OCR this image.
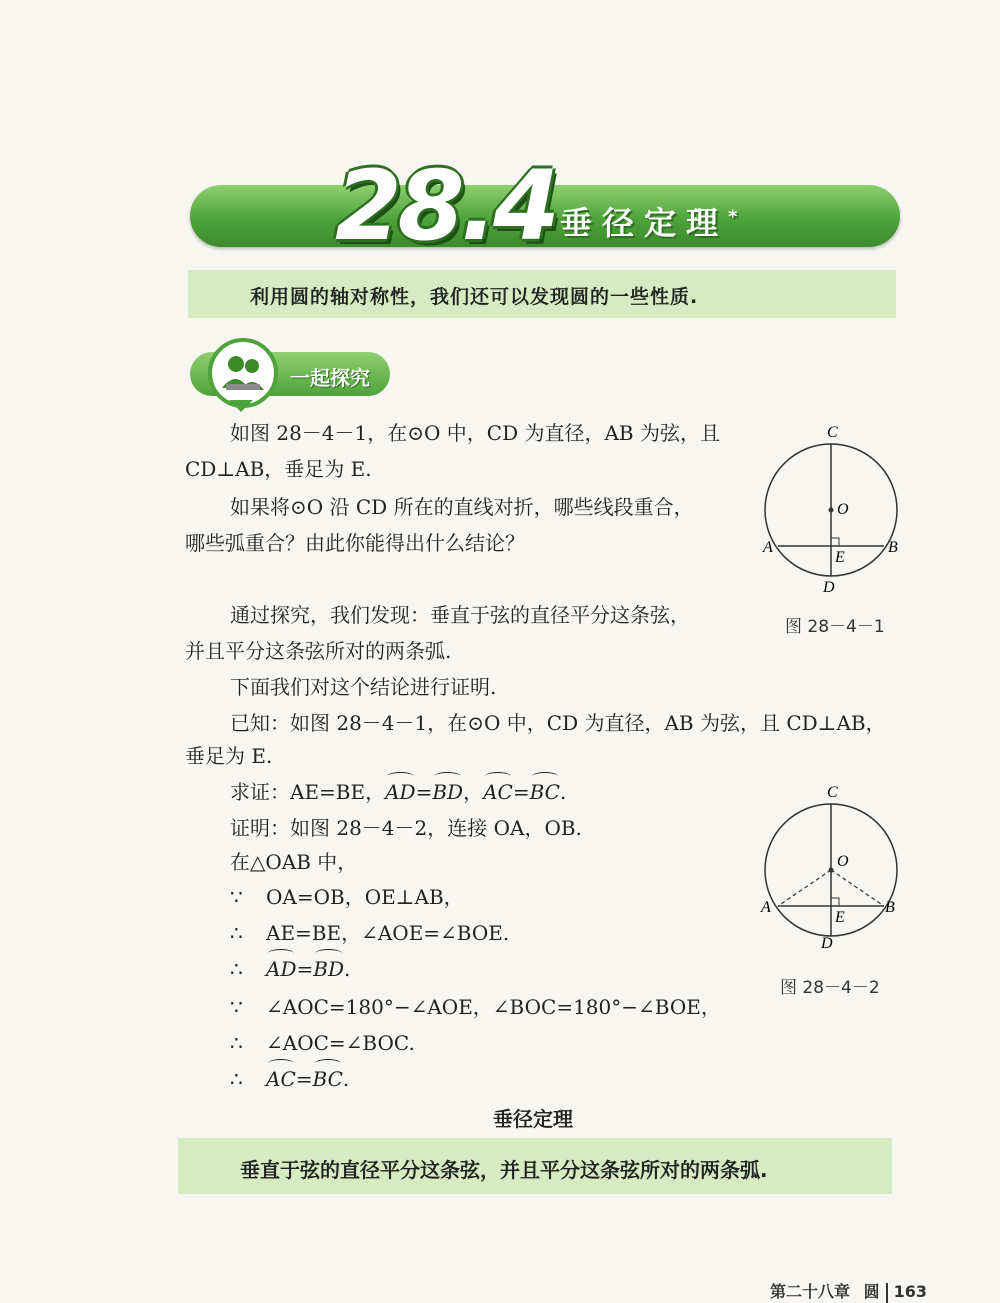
28.4 垂径定理*
利用圆的轴对称性，我们还可以发现圆的一些性质.
一起探究
如图 28－4－1，在⊙O 中，CD 为直径，AB 为弦，且
CD⊥AB，垂足为 E.
如果将⊙O 沿 CD 所在的直线对折，哪些线段重合，
哪些弧重合？由此你能得出什么结论？
通过探究，我们发现：垂直于弦的直径平分这条弦，
并且平分这条弦所对的两条弧.
下面我们对这个结论进行证明.
已知：如图 28－4－1，在⊙O 中，CD 为直径，AB 为弦，且 CD⊥AB，
垂足为 E.
求证：AE=BE，AD=BD，AC=BC.
证明：如图 28－4－2，连接 OA，OB.
在△OAB 中，
∵ OA=OB，OE⊥AB，
∴ AE=BE，∠AOE=∠BOE.
∴ AD=BD.
∵ ∠AOC=180°−∠AOE，∠BOC=180°−∠BOE，
∴ ∠AOC=∠BOC.
∴ AC=BC.
C
O
A	B
E
D
图 28－4－1
C
O
A	B
E
D
图 28－4－2
垂径定理
垂直于弦的直径平分这条弦，并且平分这条弦所对的两条弧.
第二十八章 圆 163
